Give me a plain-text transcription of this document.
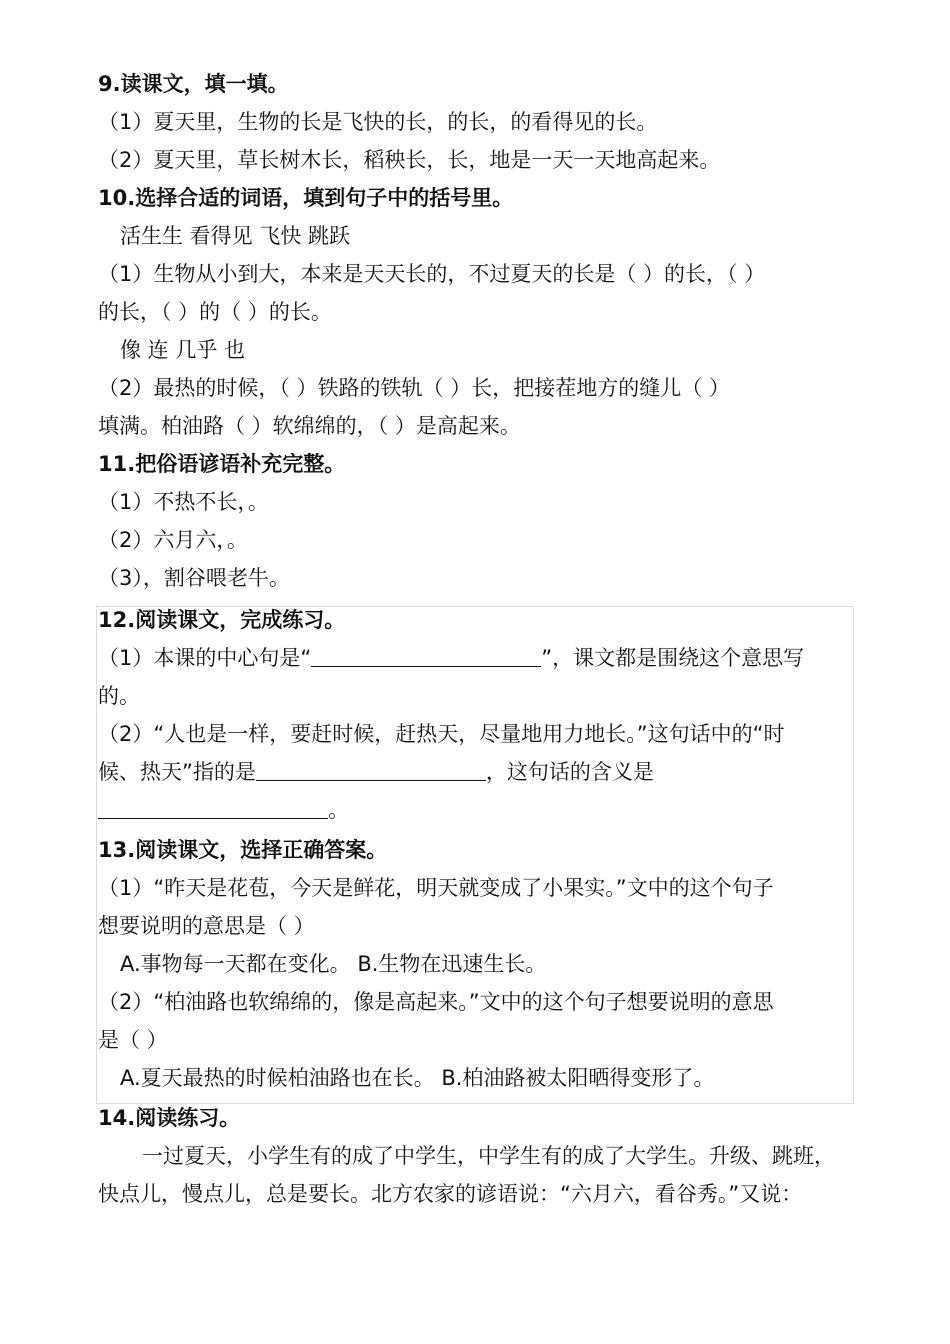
9.读课文，填一填。
（1）夏天里，生物的长是飞快的长，的长，的看得见的长。
（2）夏天里，草长树木长，稻秧长，长，地是一天一天地高起来。
10.选择合适的词语，填到句子中的括号里。
活生生 看得见 飞快 跳跃
（1）生物从小到大，本来是天天长的，不过夏天的长是（ ）的长，（ ）
的长，（ ）的（ ）的长。
像 连 几乎 也
（2）最热的时候，（ ）铁路的铁轨（ ）长，把接茬地方的缝儿（ ）
填满。柏油路（ ）软绵绵的，（ ）是高起来。
11.把俗语谚语补充完整。
（1）不热不长，。
（2）六月六，。
（3），割谷喂老牛。
12.阅读课文，完成练习。
（1）本课的中心句是“	”，课文都是围绕这个意思写
的。
（2）“人也是一样，要赶时候，赶热天，尽量地用力地长。”这句话中的“时
候、热天”指的是	，这句话的含义是
。
13.阅读课文，选择正确答案。
（1）“昨天是花苞，今天是鲜花，明天就变成了小果实。”文中的这个句子
想要说明的意思是（ ）
A.事物每一天都在变化。 B.生物在迅速生长。
（2）“柏油路也软绵绵的，像是高起来。”文中的这个句子想要说明的意思
是（ ）
A.夏天最热的时候柏油路也在长。 B.柏油路被太阳晒得变形了。
14.阅读练习。
一过夏天，小学生有的成了中学生，中学生有的成了大学生。升级、跳班，
快点儿，慢点儿，总是要长。北方农家的谚语说：“六月六，看谷秀。”又说：
